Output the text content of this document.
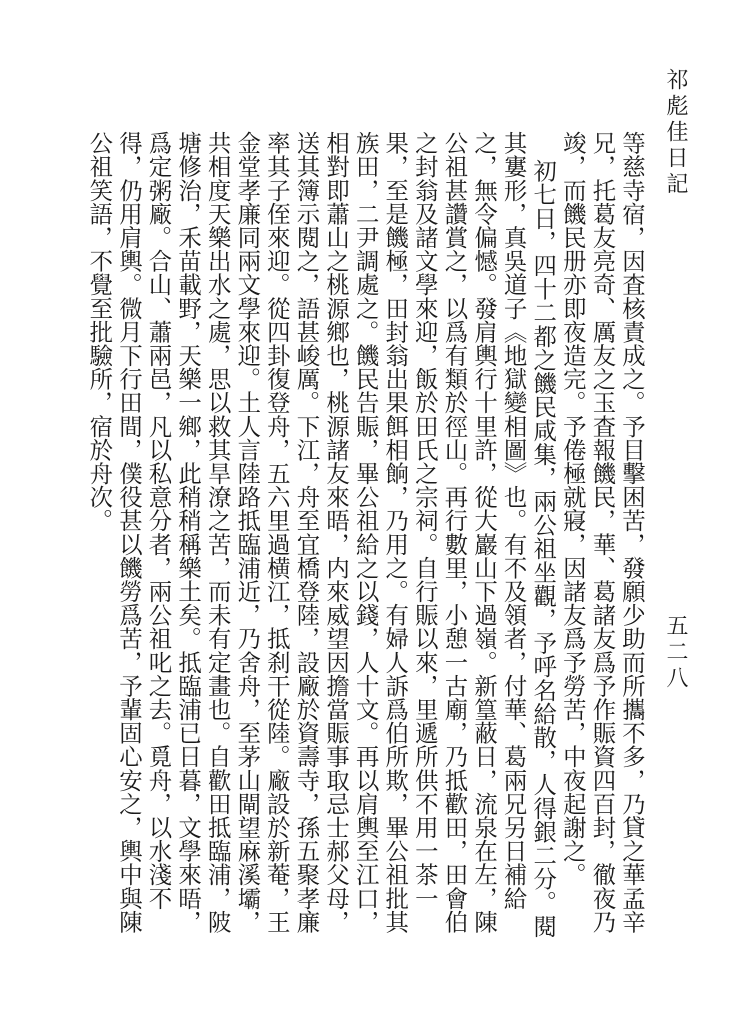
祁彪佳日記
五二八

等慈寺宿，因査核責成之。予目擊困苦，發願少助而所攜不多，乃貸之華孟辛兄，托葛友亮奇、厲友之玉査報饑民，華、葛諸友爲予作賑資四百封，徹夜乃竣，而饑民册亦即夜造完。予倦極就寢，因諸友爲予勞苦，中夜起謝之。

初七日，四十二都之饑民咸集，兩公祖坐觀，予呼名給散，人得銀二分。閱其寠形，真吳道子《地獄變相圖》也。有不及領者，付華、葛兩兄另日補給之，無令偏憾。發肩輿行十里許，從大巖山下過嶺。新篁蔽日，流泉在左，陳公祖甚讚賞之，以爲有類於徑山。再行數里，小憩一古廟，乃抵歡田，田會伯之封翁及諸文學來迎，飯於田氏之宗祠。自行賑以來，里遞所供不用一茶一果，至是饑極，田封翁出果餌相餉，乃用之。有婦人訴爲伯所欺，畢公祖批其族田，二尹調處之。饑民告賑，畢公祖給之以錢，人十文。再以肩輿至江口，相對即蕭山之桃源鄉也，桃源諸友來晤，内來威望因擔當賑事取忌士郝父母，送其簿示閱之，語甚峻厲。下江，舟至宜橋登陸，設廠於資壽寺，孫五聚孝廉率其子侄來迎。從四卦復登舟，五六里過横江，抵刹干從陸。廠設於新菴，王金堂孝廉同兩文學來迎。土人言陸路抵臨浦近，乃舍舟，至茅山閘望麻溪壩，共相度天樂出水之處，思以救其旱潦之苦，而未有定畫也。自歡田抵臨浦，陂塘修治，禾苗載野，天樂一鄉，此稍稍稱樂土矣。抵臨浦已日暮，文學來晤，爲定粥廠。合山、蕭兩邑，凡以私意分者，兩公祖叱之去。覓舟，以水淺不得，仍用肩輿。微月下行田間，僕役甚以饑勞爲苦，予輩固心安之，輿中與陳公祖笑語，不覺至批驗所，宿於舟次。
